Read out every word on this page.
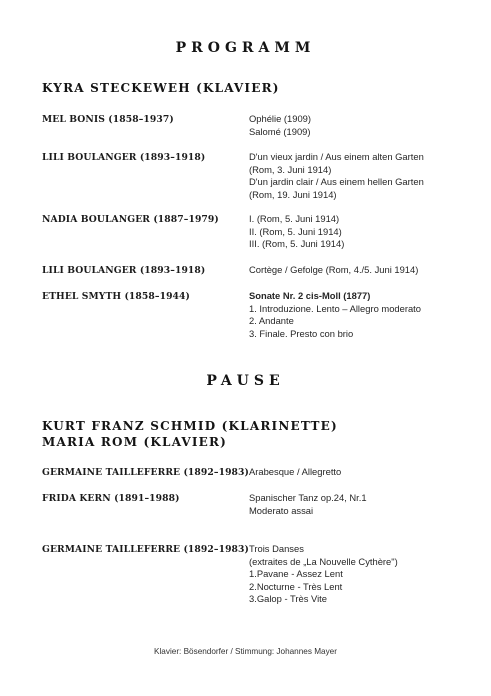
PROGRAMM
KYRA STECKEWEH (KLAVIER)
MEL BONIS (1858–1937)	Ophélie (1909)
Salomé (1909)
LILI BOULANGER (1893–1918)	D'un vieux jardin / Aus einem alten Garten
(Rom, 3. Juni 1914)
D'un jardin clair / Aus einem hellen Garten
(Rom, 19. Juni 1914)
NADIA BOULANGER (1887–1979)	I. (Rom, 5. Juni 1914)
II. (Rom, 5. Juni 1914)
III. (Rom, 5. Juni 1914)
LILI BOULANGER (1893–1918)	Cortège / Gefolge (Rom, 4./5. Juni 1914)
ETHEL SMYTH (1858–1944)	Sonate Nr. 2 cis-Moll (1877)
1. Introduzione. Lento – Allegro moderato
2. Andante
3. Finale. Presto con brio
PAUSE
KURT FRANZ SCHMID (KLARINETTE)
MARIA ROM (KLAVIER)
GERMAINE TAILLEFERRE (1892–1983) Arabesque / Allegretto
FRIDA KERN (1891–1988)	Spanischer Tanz op.24, Nr.1
Moderato assai
GERMAINE TAILLEFERRE (1892–1983) Trois Danses
(extraites de „La Nouvelle Cythère")
1.Pavane - Assez Lent
2.Nocturne - Très Lent
3.Galop - Très Vite
Klavier: Bösendorfer / Stimmung: Johannes Mayer
